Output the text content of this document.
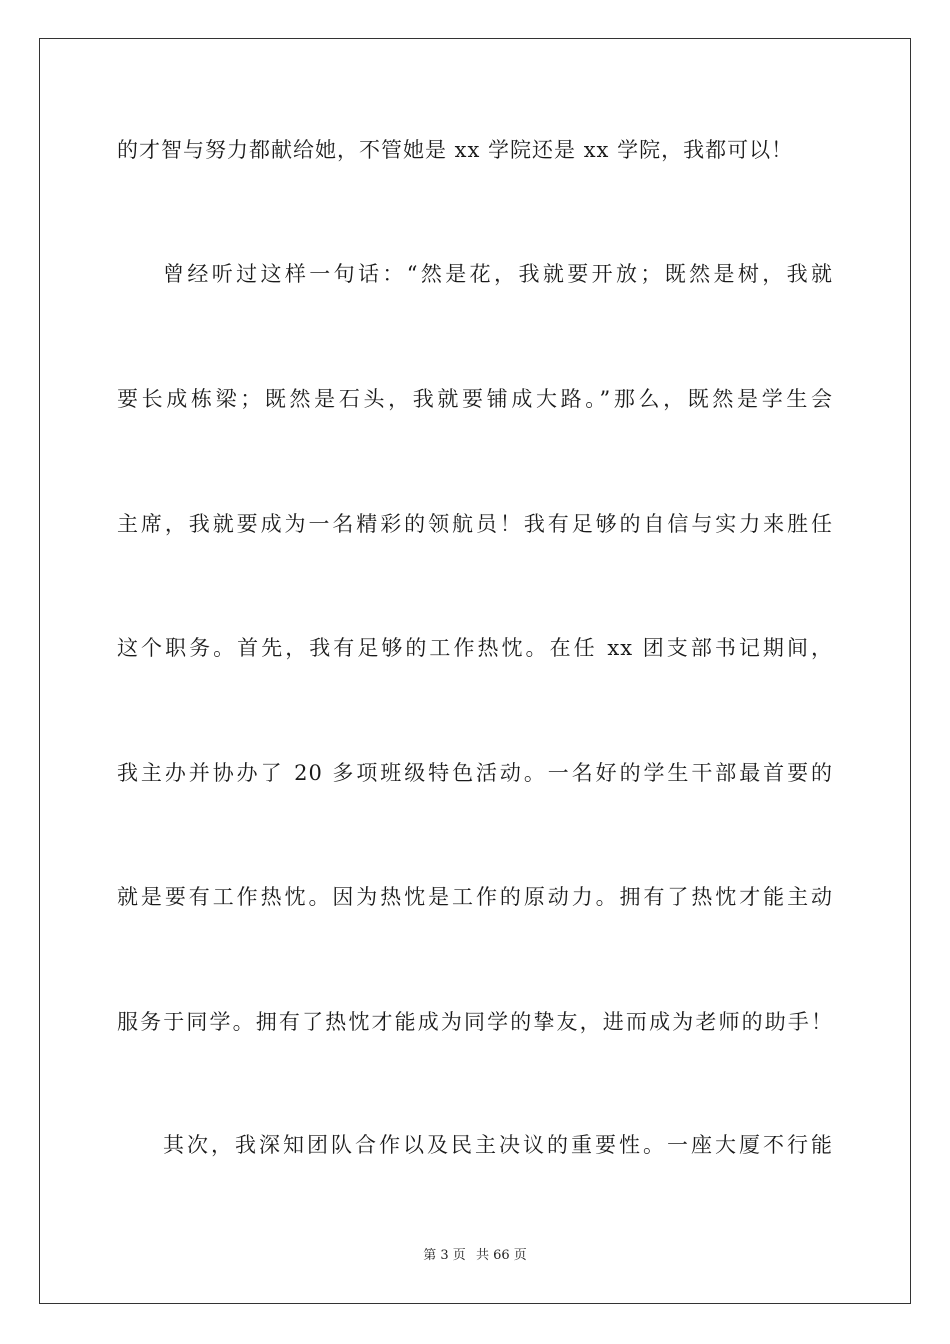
的才智与努力都献给她，不管她是 xx 学院还是 xx 学院，我都可以！
曾经听过这样一句话：“然是花，我就要开放；既然是树，我就
要长成栋梁；既然是石头，我就要铺成大路。”那么，既然是学生会
主席，我就要成为一名精彩的领航员！我有足够的自信与实力来胜任
这个职务。首先，我有足够的工作热忱。在任 xx 团支部书记期间，
我主办并协办了 20 多项班级特色活动。一名好的学生干部最首要的
就是要有工作热忱。因为热忱是工作的原动力。拥有了热忱才能主动
服务于同学。拥有了热忱才能成为同学的挚友，进而成为老师的助手！
其次，我深知团队合作以及民主决议的重要性。一座大厦不行能
第 3 页 共 66 页
